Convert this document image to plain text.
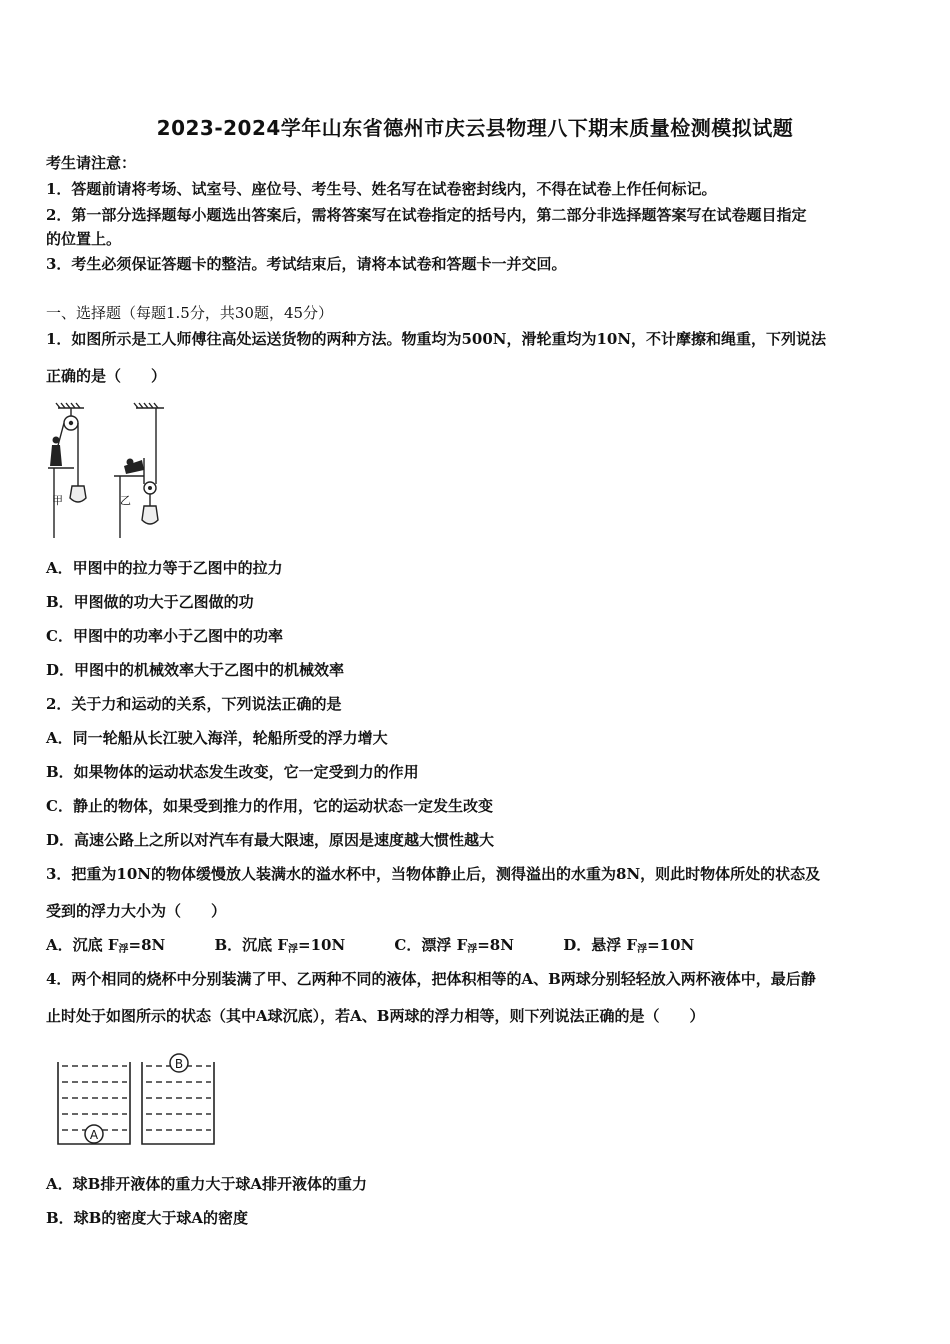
2023-2024学年山东省德州市庆云县物理八下期末质量检测模拟试题
考生请注意：
1．答题前请将考场、试室号、座位号、考生号、姓名写在试卷密封线内，不得在试卷上作任何标记。
2．第一部分选择题每小题选出答案后，需将答案写在试卷指定的括号内，第二部分非选择题答案写在试卷题目指定
的位置上。
3．考生必须保证答题卡的整洁。考试结束后，请将本试卷和答题卡一并交回。
一、选择题（每题1.5分，共30题，45分）
1．如图所示是工人师傅往高处运送货物的两种方法。物重均为500N，滑轮重均为10N，不计摩擦和绳重，下列说法
正确的是（　　）
甲	乙
A．甲图中的拉力等于乙图中的拉力
B．甲图做的功大于乙图做的功
C．甲图中的功率小于乙图中的功率
D．甲图中的机械效率大于乙图中的机械效率
2．关于力和运动的关系，下列说法正确的是
A．同一轮船从长江驶入海洋，轮船所受的浮力增大
B．如果物体的运动状态发生改变，它一定受到力的作用
C．静止的物体，如果受到推力的作用，它的运动状态一定发生改变
D．高速公路上之所以对汽车有最大限速，原因是速度越大惯性越大
3．把重为10N的物体缓慢放人装满水的溢水杯中，当物体静止后，测得溢出的水重为8N，则此时物体所处的状态及
受到的浮力大小为（　　）
A．沉底 F浮=8N	B．沉底 F浮=10N	C．漂浮 F浮=8N	D．悬浮 F浮=10N
4．两个相同的烧杯中分别装满了甲、乙两种不同的液体，把体积相等的A、B两球分别轻轻放入两杯液体中，最后静
止时处于如图所示的状态（其中A球沉底），若A、B两球的浮力相等，则下列说法正确的是（　　）
A
B
A．球B排开液体的重力大于球A排开液体的重力
B．球B的密度大于球A的密度
